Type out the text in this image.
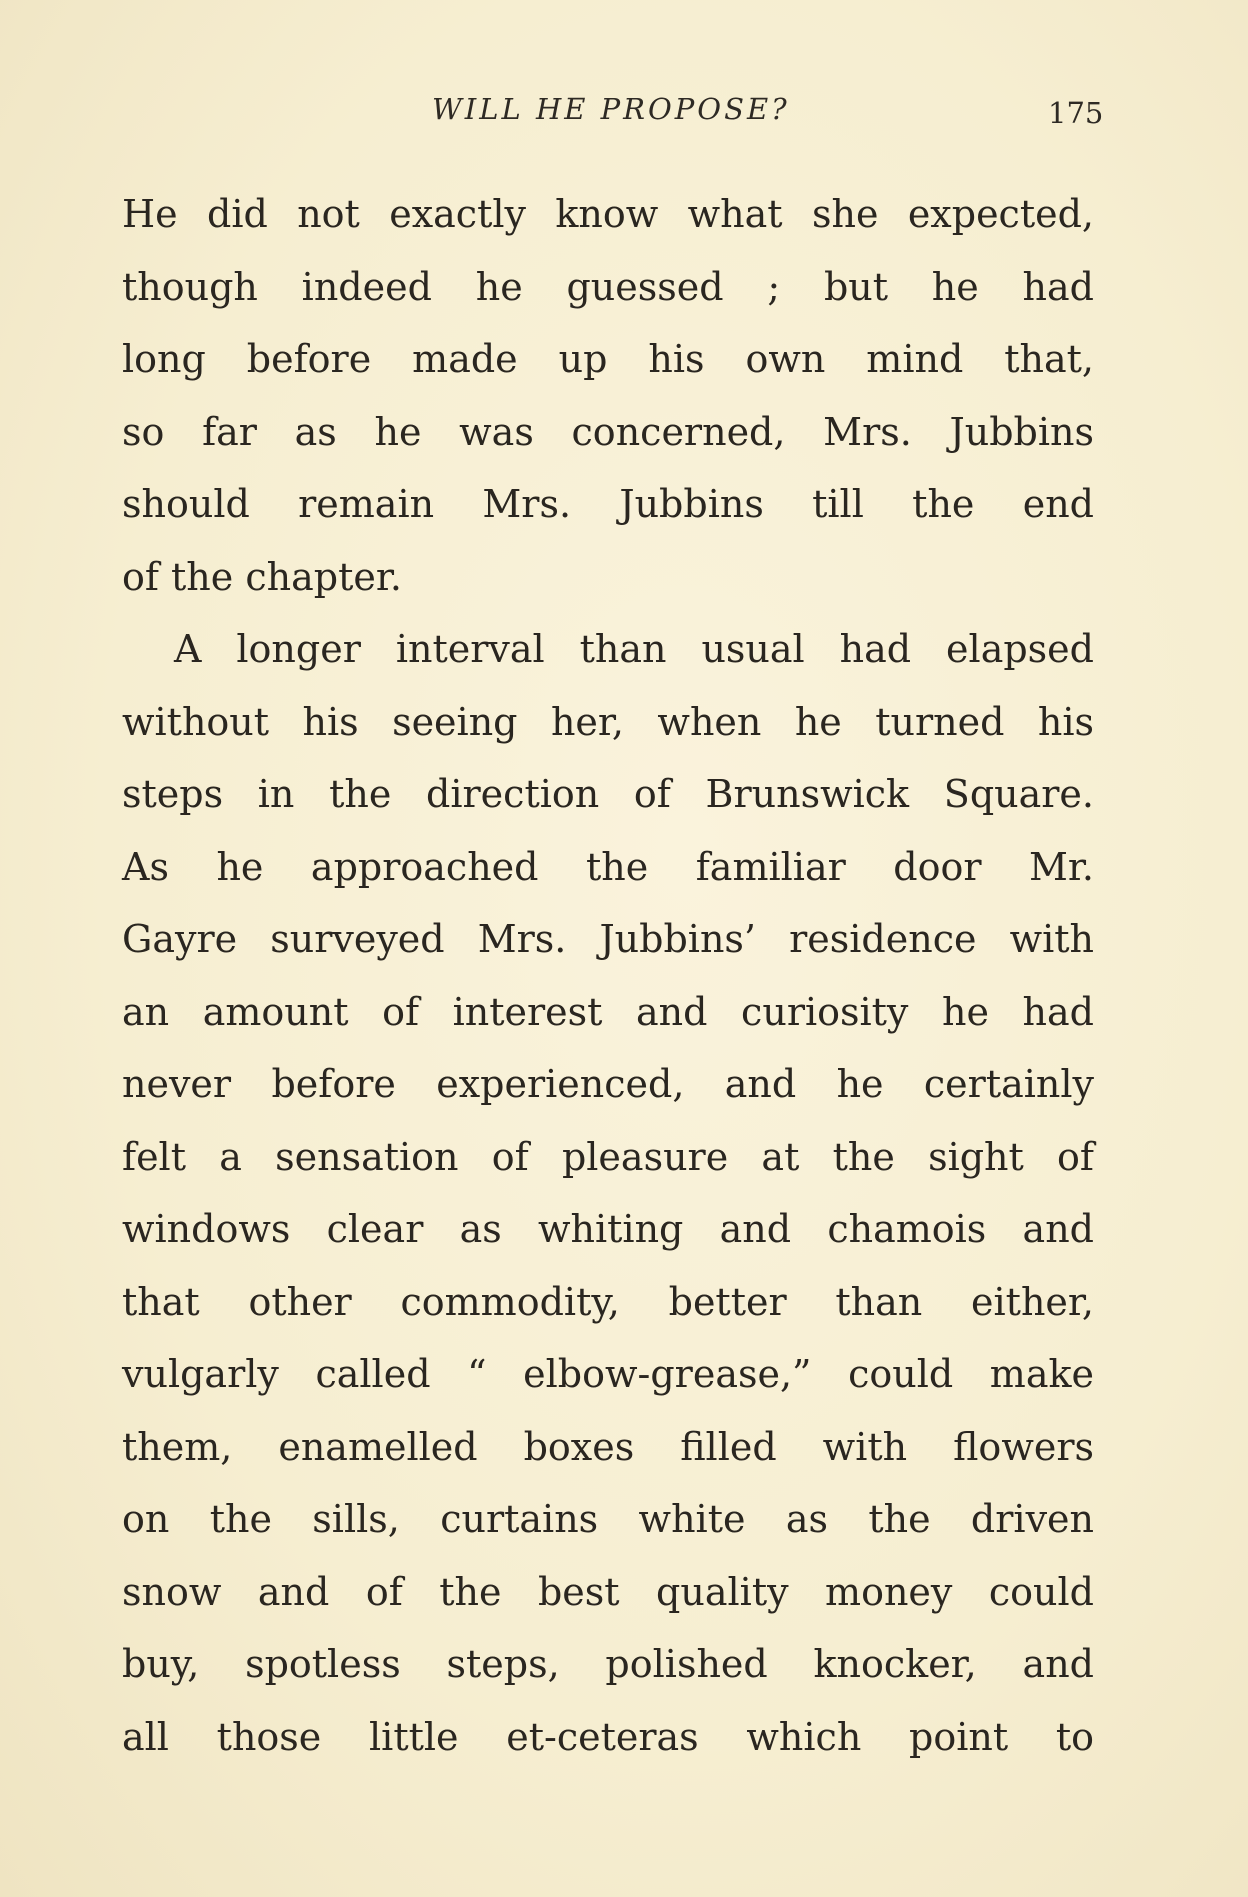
WILL HE PROPOSE?	175
He did not exactly know what she expected,
though indeed he guessed ; but he had
long before made up his own mind that,
so far as he was concerned, Mrs. Jubbins
should remain Mrs. Jubbins till the end
of the chapter.
A longer interval than usual had elapsed
without his seeing her, when he turned his
steps in the direction of Brunswick Square.
As he approached the familiar door Mr.
Gayre surveyed Mrs. Jubbins’ residence with
an amount of interest and curiosity he had
never before experienced, and he certainly
felt a sensation of pleasure at the sight of
windows clear as whiting and chamois and
that other commodity, better than either,
vulgarly called “ elbow-grease,” could make
them, enamelled boxes filled with flowers
on the sills, curtains white as the driven
snow and of the best quality money could
buy, spotless steps, polished knocker, and
all those little et-ceteras which point to
